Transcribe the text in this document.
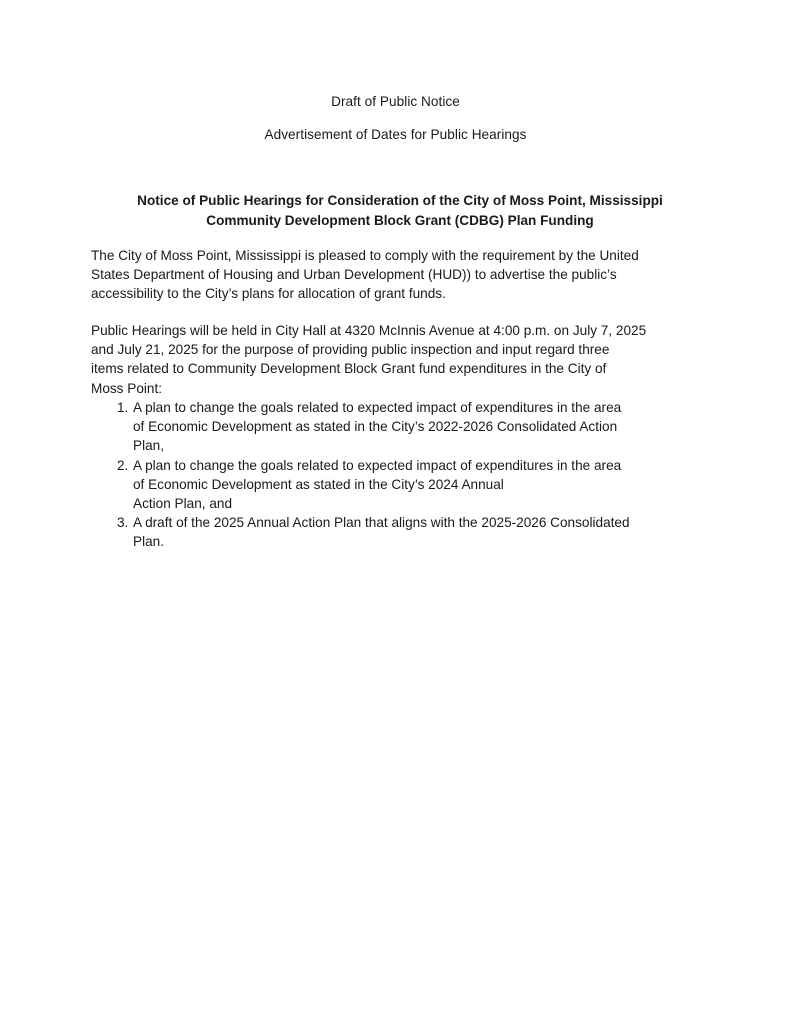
Draft of Public Notice
Advertisement of Dates for Public Hearings
Notice of Public Hearings for Consideration of the City of Moss Point, Mississippi
Community Development Block Grant (CDBG) Plan Funding
The City of Moss Point, Mississippi is pleased to comply with the requirement by the United
States Department of Housing and Urban Development (HUD)) to advertise the public’s
accessibility to the City’s plans for allocation of grant funds.
Public Hearings will be held in City Hall at 4320 McInnis Avenue at 4:00 p.m. on July 7, 2025
and July 21, 2025 for the purpose of providing public inspection and input regard three
items related to Community Development Block Grant fund expenditures in the City of
Moss Point:
1. A plan to change the goals related to expected impact of expenditures in the area
of Economic Development as stated in the City’s 2022-2026 Consolidated Action
Plan,
2. A plan to change the goals related to expected impact of expenditures in the area
of Economic Development as stated in the City’s 2024 Annual
Action Plan, and
3. A draft of the 2025 Annual Action Plan that aligns with the 2025-2026 Consolidated
Plan.
